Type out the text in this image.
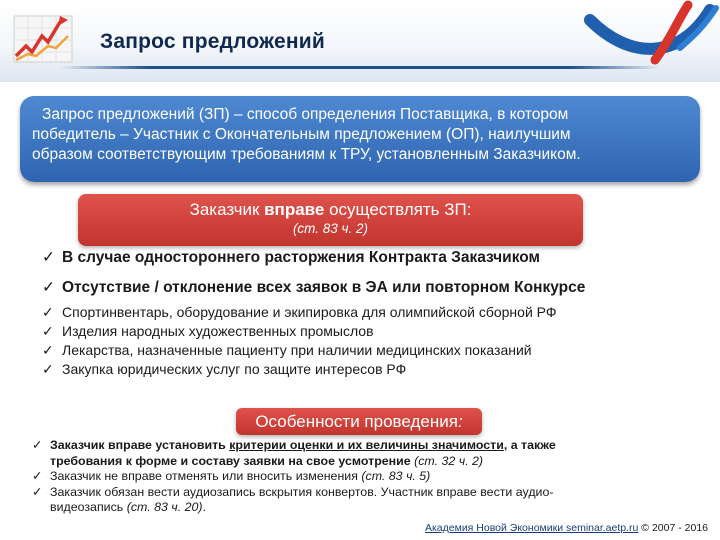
Запрос предложений

Запрос предложений (ЗП) – способ определения Поставщика, в котором

победитель – Участник с Окончательным предложением (ОП), наилучшим

образом соответствующим требованиям к ТРУ, установленным Заказчиком.

Заказчик вправе осуществлять ЗП:
(ст. 83 ч. 2)
✓ В случае одностороннего расторжения Контракта Заказчиком
✓ Отсутствие / отклонение всех заявок в ЭА или повторном Конкурсе
✓ Спортинвентарь, оборудование и экипировка для олимпийской сборной РФ
✓ Изделия народных художественных промыслов
✓ Лекарства, назначенные пациенту при наличии медицинских показаний
✓ Закупка юридических услуг по защите интересов РФ
Особенности проведения:
✓ Заказчик вправе установить критерии оценки и их величины значимости, а также
требования к форме и составу заявки на свое усмотрение (ст. 32 ч. 2)
✓ Заказчик не вправе отменять или вносить изменения (ст. 83 ч. 5)
✓ Заказчик обязан вести аудиозапись вскрытия конвертов. Участник вправе вести аудио-
видеозапись (ст. 83 ч. 20).
Академия Новой Экономики seminar.aetp.ru © 2007 - 2016
